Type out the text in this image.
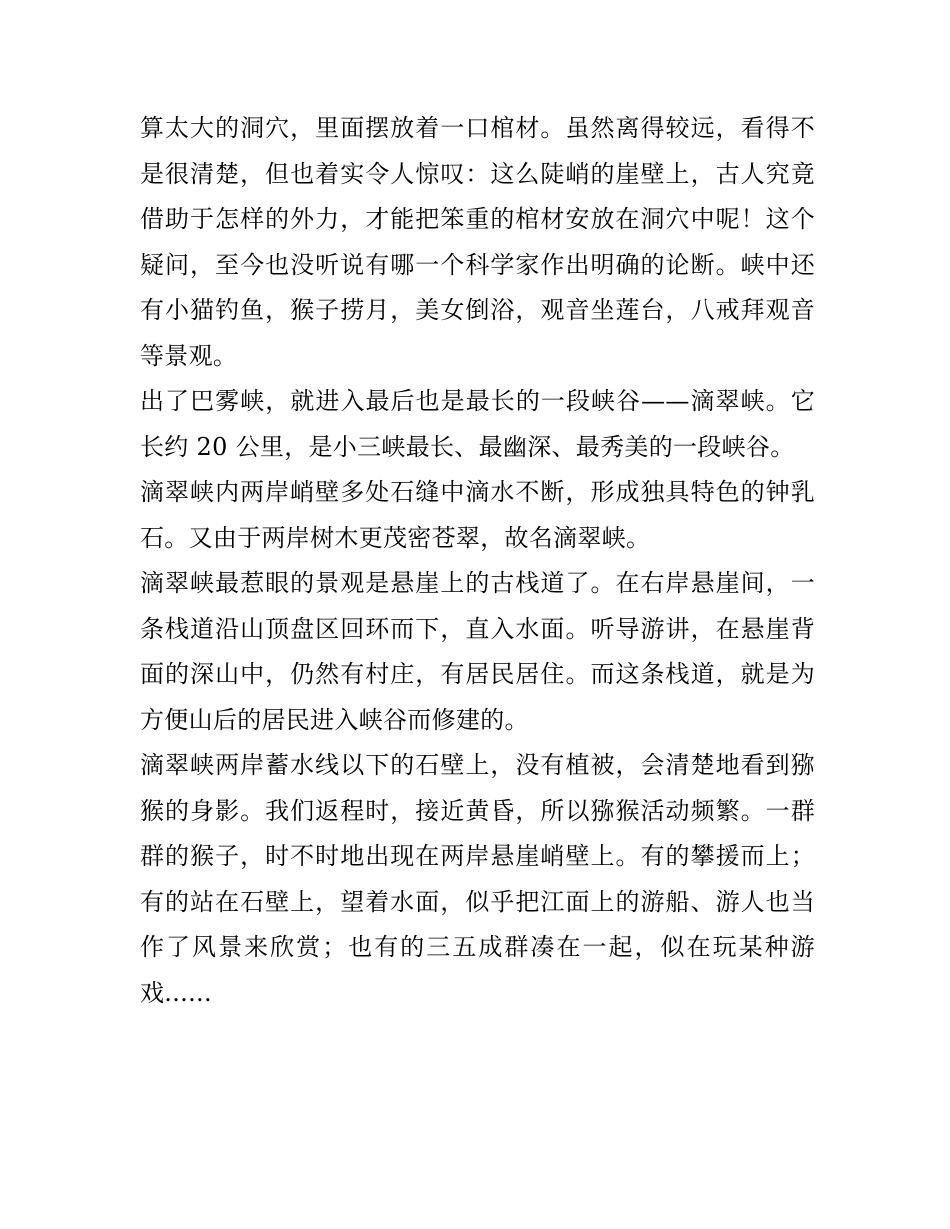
算太大的洞穴，里面摆放着一口棺材。虽然离得较远，看得不是很清楚，但也着实令人惊叹：这么陡峭的崖壁上，古人究竟借助于怎样的外力，才能把笨重的棺材安放在洞穴中呢！这个疑问，至今也没听说有哪一个科学家作出明确的论断。峡中还有小猫钓鱼，猴子捞月，美女倒浴，观音坐莲台，八戒拜观音等景观。

出了巴雾峡，就进入最后也是最长的一段峡谷——滴翠峡。它长约 20 公里，是小三峡最长、最幽深、最秀美的一段峡谷。

滴翠峡内两岸峭壁多处石缝中滴水不断，形成独具特色的钟乳石。又由于两岸树木更茂密苍翠，故名滴翠峡。

滴翠峡最惹眼的景观是悬崖上的古栈道了。在右岸悬崖间，一条栈道沿山顶盘区回环而下，直入水面。听导游讲，在悬崖背面的深山中，仍然有村庄，有居民居住。而这条栈道，就是为方便山后的居民进入峡谷而修建的。

滴翠峡两岸蓄水线以下的石壁上，没有植被，会清楚地看到猕猴的身影。我们返程时，接近黄昏，所以猕猴活动频繁。一群群的猴子，时不时地出现在两岸悬崖峭壁上。有的攀援而上；有的站在石壁上，望着水面，似乎把江面上的游船、游人也当作了风景来欣赏；也有的三五成群凑在一起，似在玩某种游戏......
